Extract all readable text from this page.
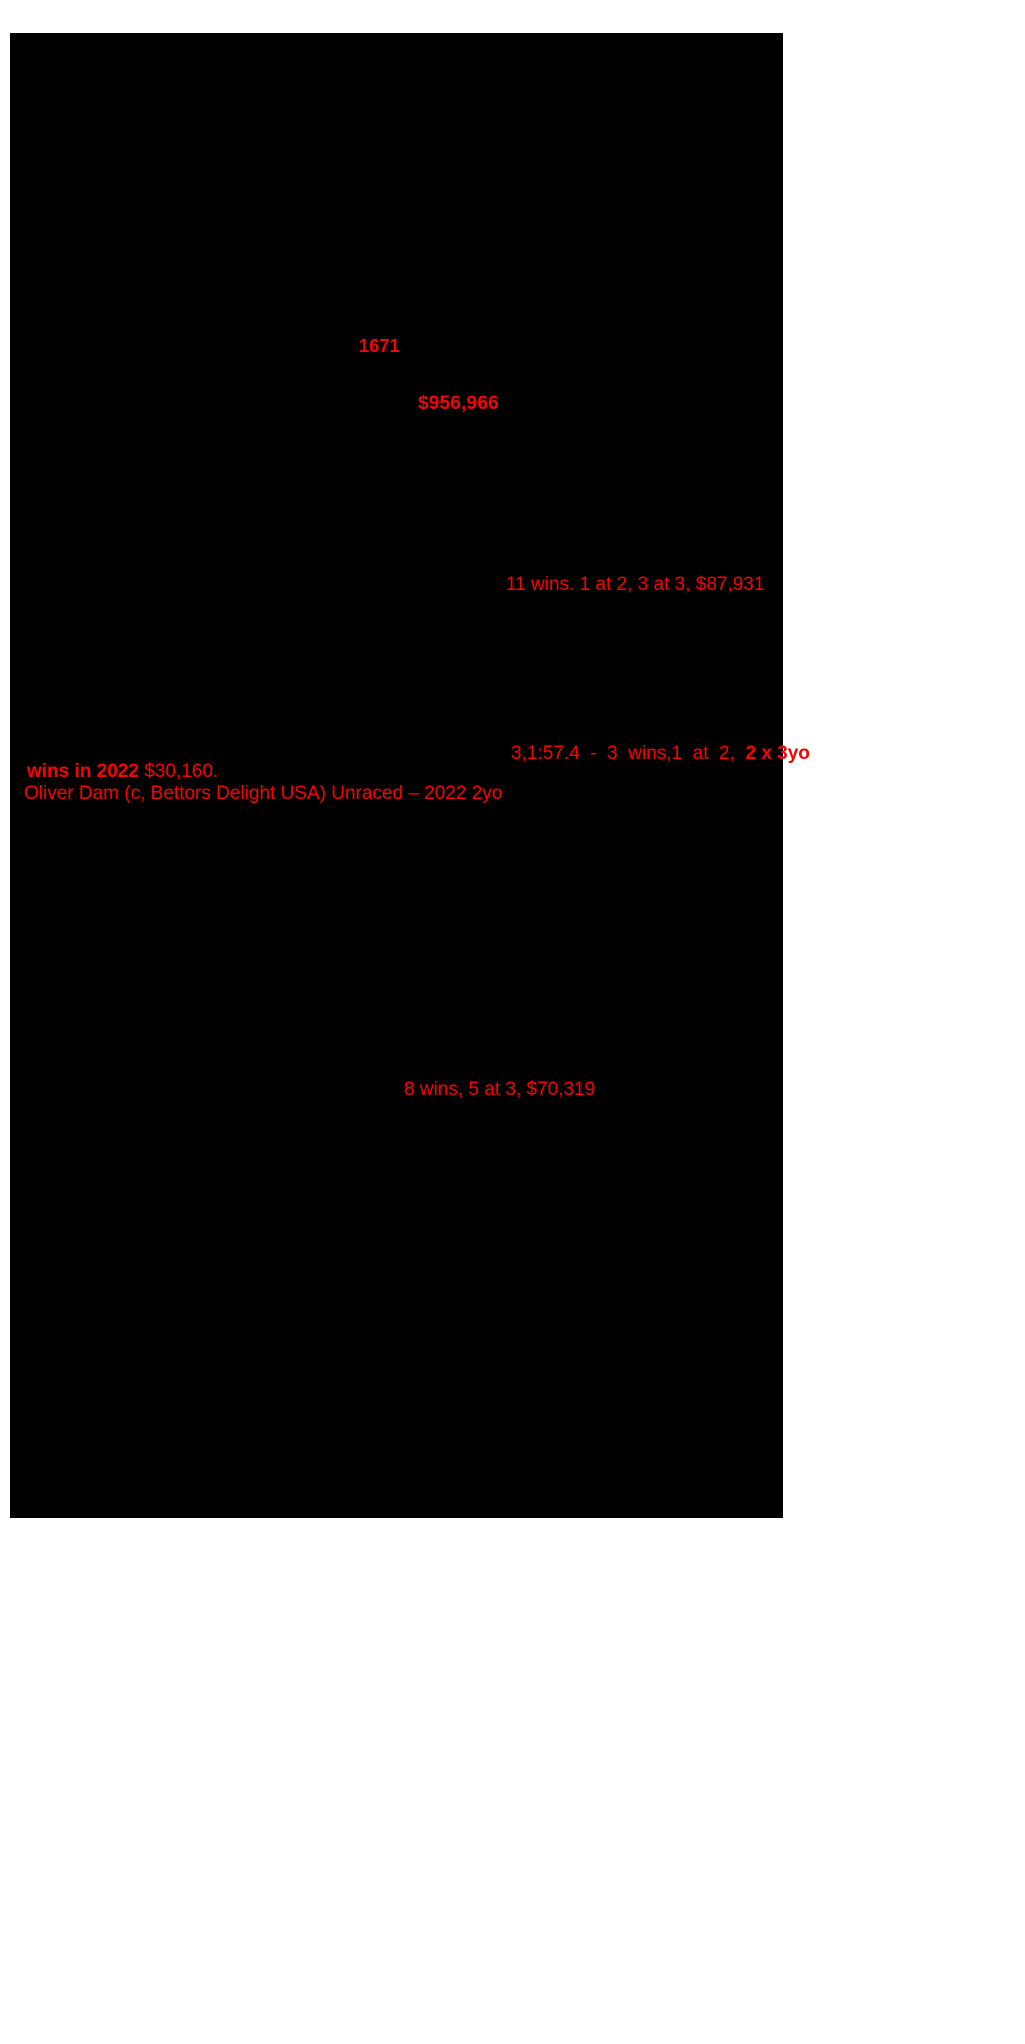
1671
$956,966
11 wins. 1 at 2, 3 at 3, $87,931
3,1:57.4  -  3  wins,1  at  2,  2 x 3yo
wins in 2022 $30,160.
Oliver Dam (c, Bettors Delight USA) Unraced – 2022 2yo
8 wins, 5 at 3, $70,319
